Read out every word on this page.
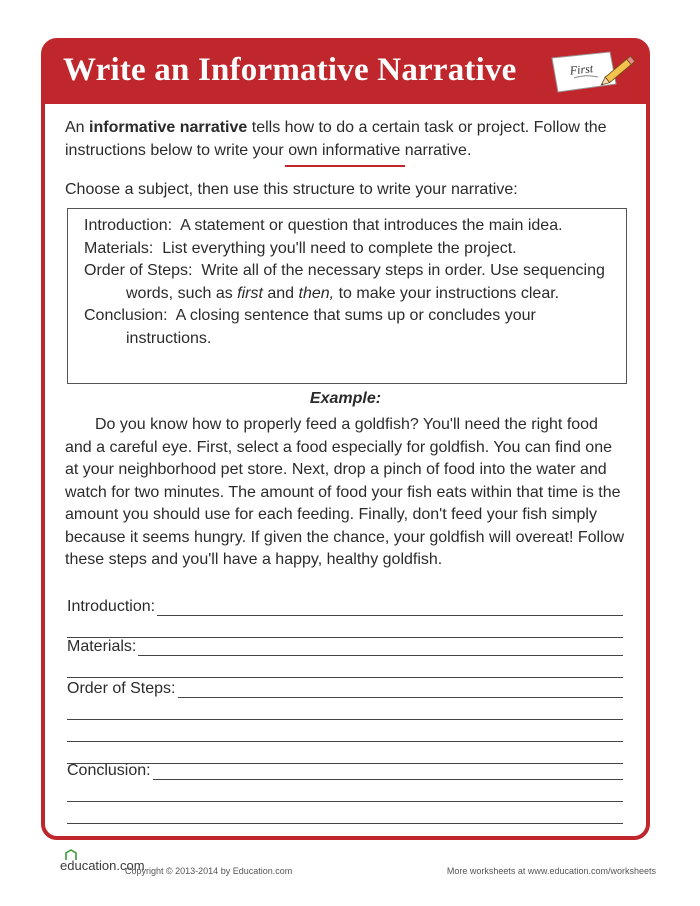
Write an Informative Narrative	First
An informative narrative tells how to do a certain task or project. Follow the instructions below to write your own informative narrative.
Choose a subject, then use this structure to write your narrative:
Introduction: A statement or question that introduces the main idea.
Materials: List everything you'll need to complete the project.
Order of Steps: Write all of the necessary steps in order. Use sequencing words, such as first and then, to make your instructions clear.
Conclusion: A closing sentence that sums up or concludes your instructions.
Example:
Do you know how to properly feed a goldfish? You'll need the right food and a careful eye. First, select a food especially for goldfish. You can find one at your neighborhood pet store. Next, drop a pinch of food into the water and watch for two minutes. The amount of food your fish eats within that time is the amount you should use for each feeding. Finally, don't feed your fish simply because it seems hungry. If given the chance, your goldfish will overeat! Follow these steps and you'll have a happy, healthy goldfish.
Introduction:
Materials:
Order of Steps:
Conclusion:
education.com
Copyright © 2013-2014 by Education.com	More worksheets at www.education.com/worksheets
